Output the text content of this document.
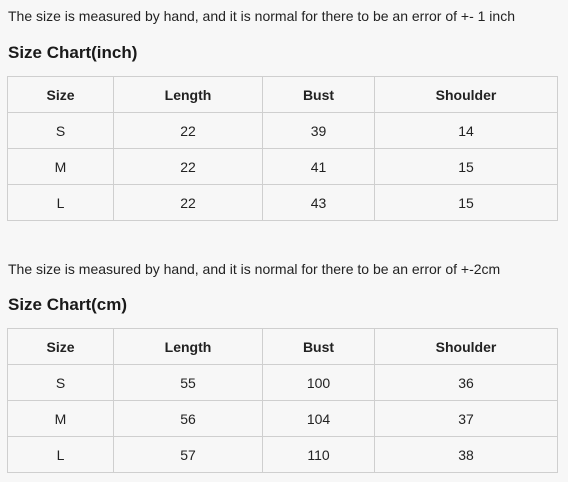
The size is measured by hand, and it is normal for there to be an error of +- 1 inch
Size Chart(inch)
Size	Length	Bust	Shoulder
S	22	39	14
M	22	41	15
L	22	43	15
The size is measured by hand, and it is normal for there to be an error of +-2cm
Size Chart(cm)
Size	Length	Bust	Shoulder
S	55	100	36
M	56	104	37
L	57	110	38
